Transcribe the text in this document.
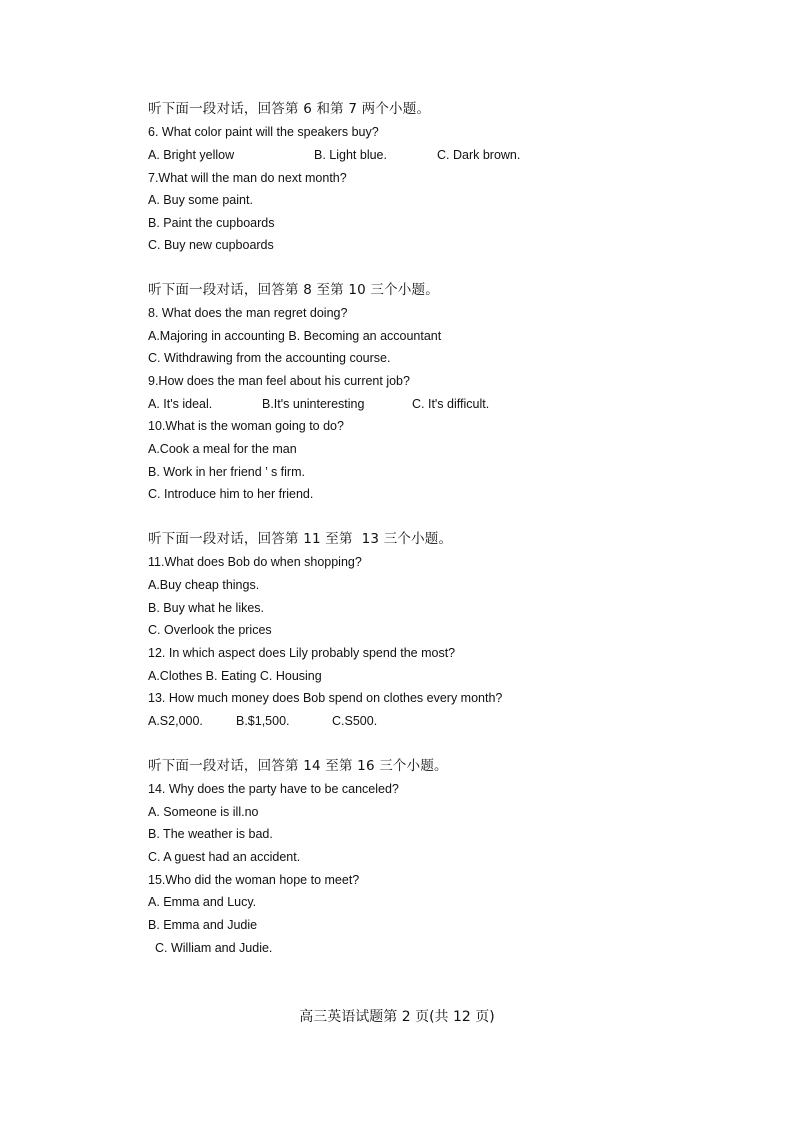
听下面一段对话，回答第 6 和第 7 两个小题。
6. What color paint will the speakers buy?
A. Bright yellow	B. Light blue.	C. Dark brown.
7.What will the man do next month?
A. Buy some paint.
B. Paint the cupboards
C. Buy new cupboards
听下面一段对话，回答第 8 至第 10 三个小题。
8. What does the man regret doing?
A.Majoring in accounting B. Becoming an accountant
C. Withdrawing from the accounting course.
9.How does the man feel about his current job?
A. It's ideal.	B.It's uninteresting	C. It's difficult.
10.What is the woman going to do?
A.Cook a meal for the man
B. Work in her friend ’ s firm.
C. Introduce him to her friend.
听下面一段对话，回答第 11 至第  13 三个小题。
11.What does Bob do when shopping?
A.Buy cheap things.
B. Buy what he likes.
C. Overlook the prices
12. In which aspect does Lily probably spend the most?
A.Clothes B. Eating C. Housing
13. How much money does Bob spend on clothes every month?
A.S2,000.	B.$1,500.	C.S500.
听下面一段对话，回答第 14 至第 16 三个小题。
14. Why does the party have to be canceled?
A. Someone is ill.no
B. The weather is bad.
C. A guest had an accident.
15.Who did the woman hope to meet?
A. Emma and Lucy.
B. Emma and Judie
C. William and Judie.
高三英语试题第 2 页(共 12 页)
